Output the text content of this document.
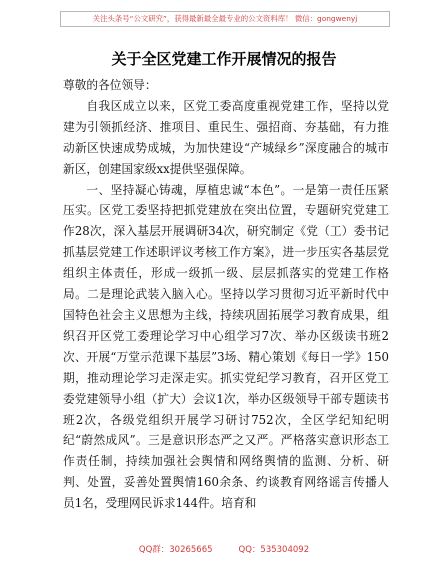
关注头条号“公文研究”，获得最新最全最专业的公文资料库！ 微信：gongwenyj
关于全区党建工作开展情况的报告

尊敬的各位领导：

自我区成立以来，区党工委高度重视党建工作，坚持以党建为引领抓经济、推项目、重民生、强招商、夯基础，有力推动新区快速成势成城，为加快建设“产城绿乡”深度融合的城市新区，创建国家级xx提供坚强保障。

一、坚持凝心铸魂，厚植忠诚“本色”。一是第一责任压紧压实。区党工委坚持把抓党建放在突出位置，专题研究党建工作28次，深入基层开展调研34次，研究制定《党（工）委书记抓基层党建工作述职评议考核工作方案》，进一步压实各基层党组织主体责任，形成一级抓一级、层层抓落实的党建工作格局。二是理论武装入脑入心。坚持以学习贯彻习近平新时代中国特色社会主义思想为主线，持续巩固拓展学习教育成果，组织召开区党工委理论学习中心组学习7次、举办区级读书班2次、开展“万堂示范课下基层”3场、精心策划《每日一学》150期，推动理论学习走深走实。抓实党纪学习教育，召开区党工委党建领导小组（扩大）会议1次，举办区级领导干部专题读书班2次，各级党组织开展学习研讨752次，全区学纪知纪明纪“蔚然成风”。三是意识形态严之又严。严格落实意识形态工作责任制，持续加强社会舆情和网络舆情的监测、分析、研判、处置，妥善处置舆情160余条、约谈教育网络谣言传播人员1名，受理网民诉求144件。培育和

QQ群：30265665	QQ：535304092
